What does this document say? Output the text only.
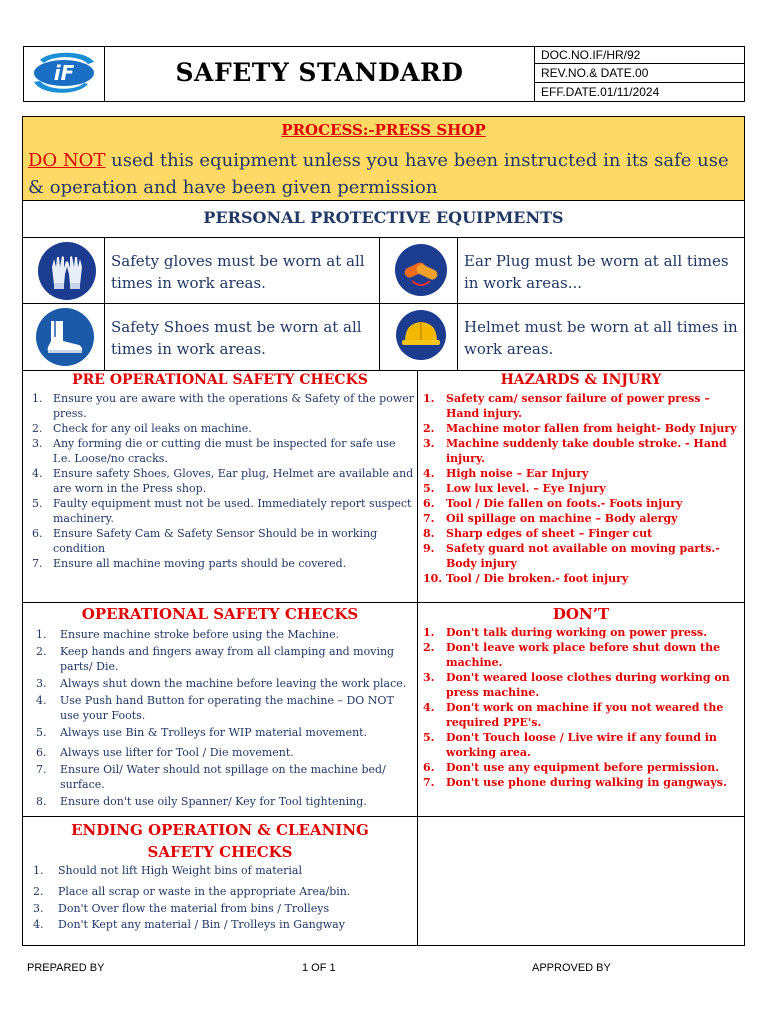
iF	SAFETY STANDARD
DOC.NO.IF/HR/92
REV.NO.& DATE.00
EFF.DATE.01/11/2024
PROCESS:-PRESS SHOP
DO NOT used this equipment unless you have been instructed in its safe use & operation and have been given permission
PERSONAL PROTECTIVE EQUIPMENTS
Safety gloves must be worn at all times in work areas.
Ear Plug must be worn at all times in work areas...
Safety Shoes must be worn at all times in work areas.
Helmet must be worn at all times in work areas.
PRE OPERATIONAL SAFETY CHECKS
1. Ensure you are aware with the operations & Safety of the power press.
2. Check for any oil leaks on machine.
3. Any forming die or cutting die must be inspected for safe use I.e. Loose/no cracks.
4. Ensure safety Shoes, Gloves, Ear plug, Helmet are available and are worn in the Press shop.
5. Faulty equipment must not be used. Immediately report suspect machinery.
6. Ensure Safety Cam & Safety Sensor Should be in working condition
7. Ensure all machine moving parts should be covered.
HAZARDS & INJURY
1. Safety cam/ sensor failure of power press – Hand injury.
2. Machine motor fallen from height- Body Injury
3. Machine suddenly take double stroke. - Hand injury.
4. High noise – Ear Injury
5. Low lux level. – Eye Injury
6. Tool / Die fallen on foots.- Foots injury
7. Oil spillage on machine – Body alergy
8. Sharp edges of sheet – Finger cut
9. Safety guard not available on moving parts.- Body injury
10. Tool / Die broken.- foot injury
OPERATIONAL SAFETY CHECKS
1. Ensure machine stroke before using the Machine.
2. Keep hands and fingers away from all clamping and moving parts/ Die.
3. Always shut down the machine before leaving the work place.
4. Use Push hand Button for operating the machine – DO NOT use your Foots.
5. Always use Bin & Trolleys for WIP material movement.
6. Always use lifter for Tool / Die movement.
7. Ensure Oil/ Water should not spillage on the machine bed/ surface.
8. Ensure don't use oily Spanner/ Key for Tool tightening.
DON’T
1. Don't talk during working on power press.
2. Don't leave work place before shut down the machine.
3. Don't weared loose clothes during working on press machine.
4. Don't work on machine if you not weared the required PPE's.
5. Don't Touch loose / Live wire if any found in working area.
6. Don't use any equipment before permission.
7. Don't use phone during walking in gangways.
ENDING OPERATION & CLEANING SAFETY CHECKS
1. Should not lift High Weight bins of material
2. Place all scrap or waste in the appropriate Area/bin.
3. Don't Over flow the material from bins / Trolleys
4. Don't Kept any material / Bin / Trolleys in Gangway
PREPARED BY	1 OF 1	APPROVED BY
